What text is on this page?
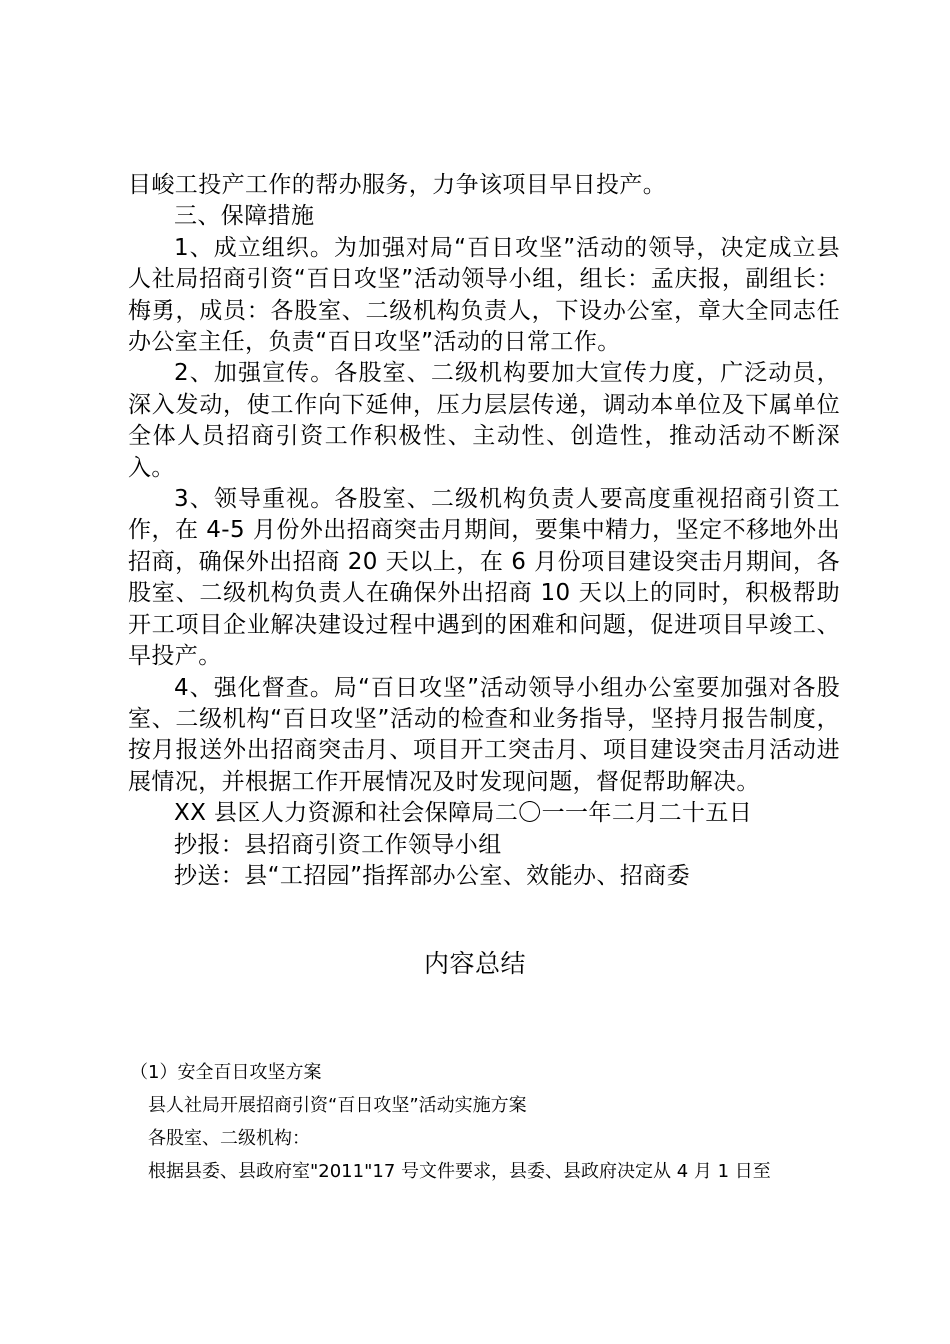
目峻工投产工作的帮办服务，力争该项目早日投产。

三、保障措施

1、成立组织。为加强对局“百日攻坚”活动的领导，决定成立县人社局招商引资“百日攻坚”活动领导小组，组长：孟庆报，副组长：梅勇，成员：各股室、二级机构负责人，下设办公室，章大全同志任办公室主任，负责“百日攻坚”活动的日常工作。

2、加强宣传。各股室、二级机构要加大宣传力度，广泛动员，深入发动，使工作向下延伸，压力层层传递，调动本单位及下属单位全体人员招商引资工作积极性、主动性、创造性，推动活动不断深入。

3、领导重视。各股室、二级机构负责人要高度重视招商引资工作，在 4-5 月份外出招商突击月期间，要集中精力，坚定不移地外出招商，确保外出招商 20 天以上，在 6 月份项目建设突击月期间，各股室、二级机构负责人在确保外出招商 10 天以上的同时，积极帮助开工项目企业解决建设过程中遇到的困难和问题，促进项目早竣工、早投产。

4、强化督查。局“百日攻坚”活动领导小组办公室要加强对各股室、二级机构“百日攻坚”活动的检查和业务指导，坚持月报告制度，按月报送外出招商突击月、项目开工突击月、项目建设突击月活动进展情况，并根据工作开展情况及时发现问题，督促帮助解决。

XX 县区人力资源和社会保障局二〇一一年二月二十五日

抄报：县招商引资工作领导小组

抄送：县“工招园”指挥部办公室、效能办、招商委

内容总结

（1）安全百日攻坚方案

县人社局开展招商引资“百日攻坚”活动实施方案

各股室、二级机构：

根据县委、县政府室"2011"17 号文件要求，县委、县政府决定从 4 月 1 日至
